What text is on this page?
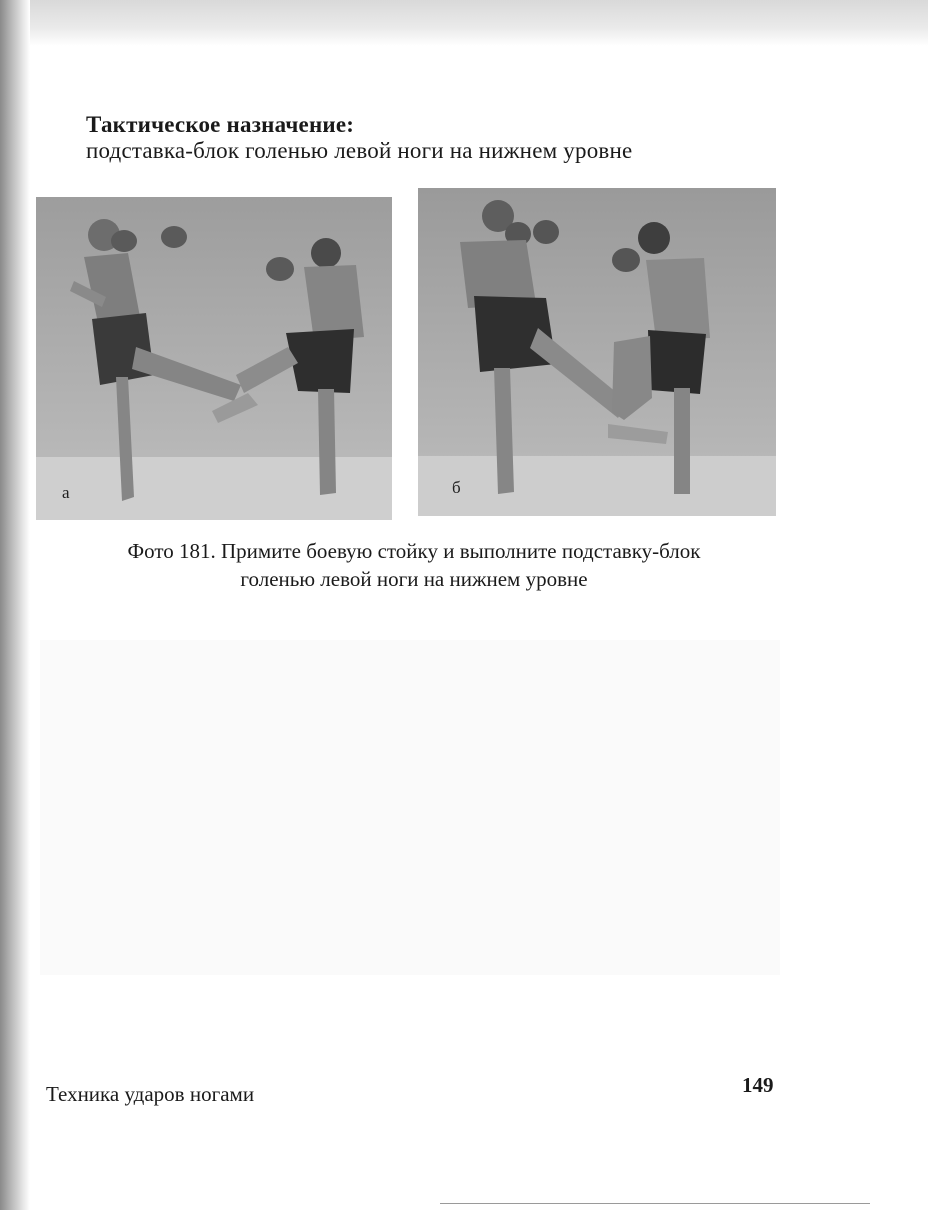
Тактическое назначение:
подставка-блок голенью левой ноги на нижнем уровне
а	б
Фото 181. Примите боевую стойку и выполните подставку-блок
голенью левой ноги на нижнем уровне
Техника ударов ногами	149
